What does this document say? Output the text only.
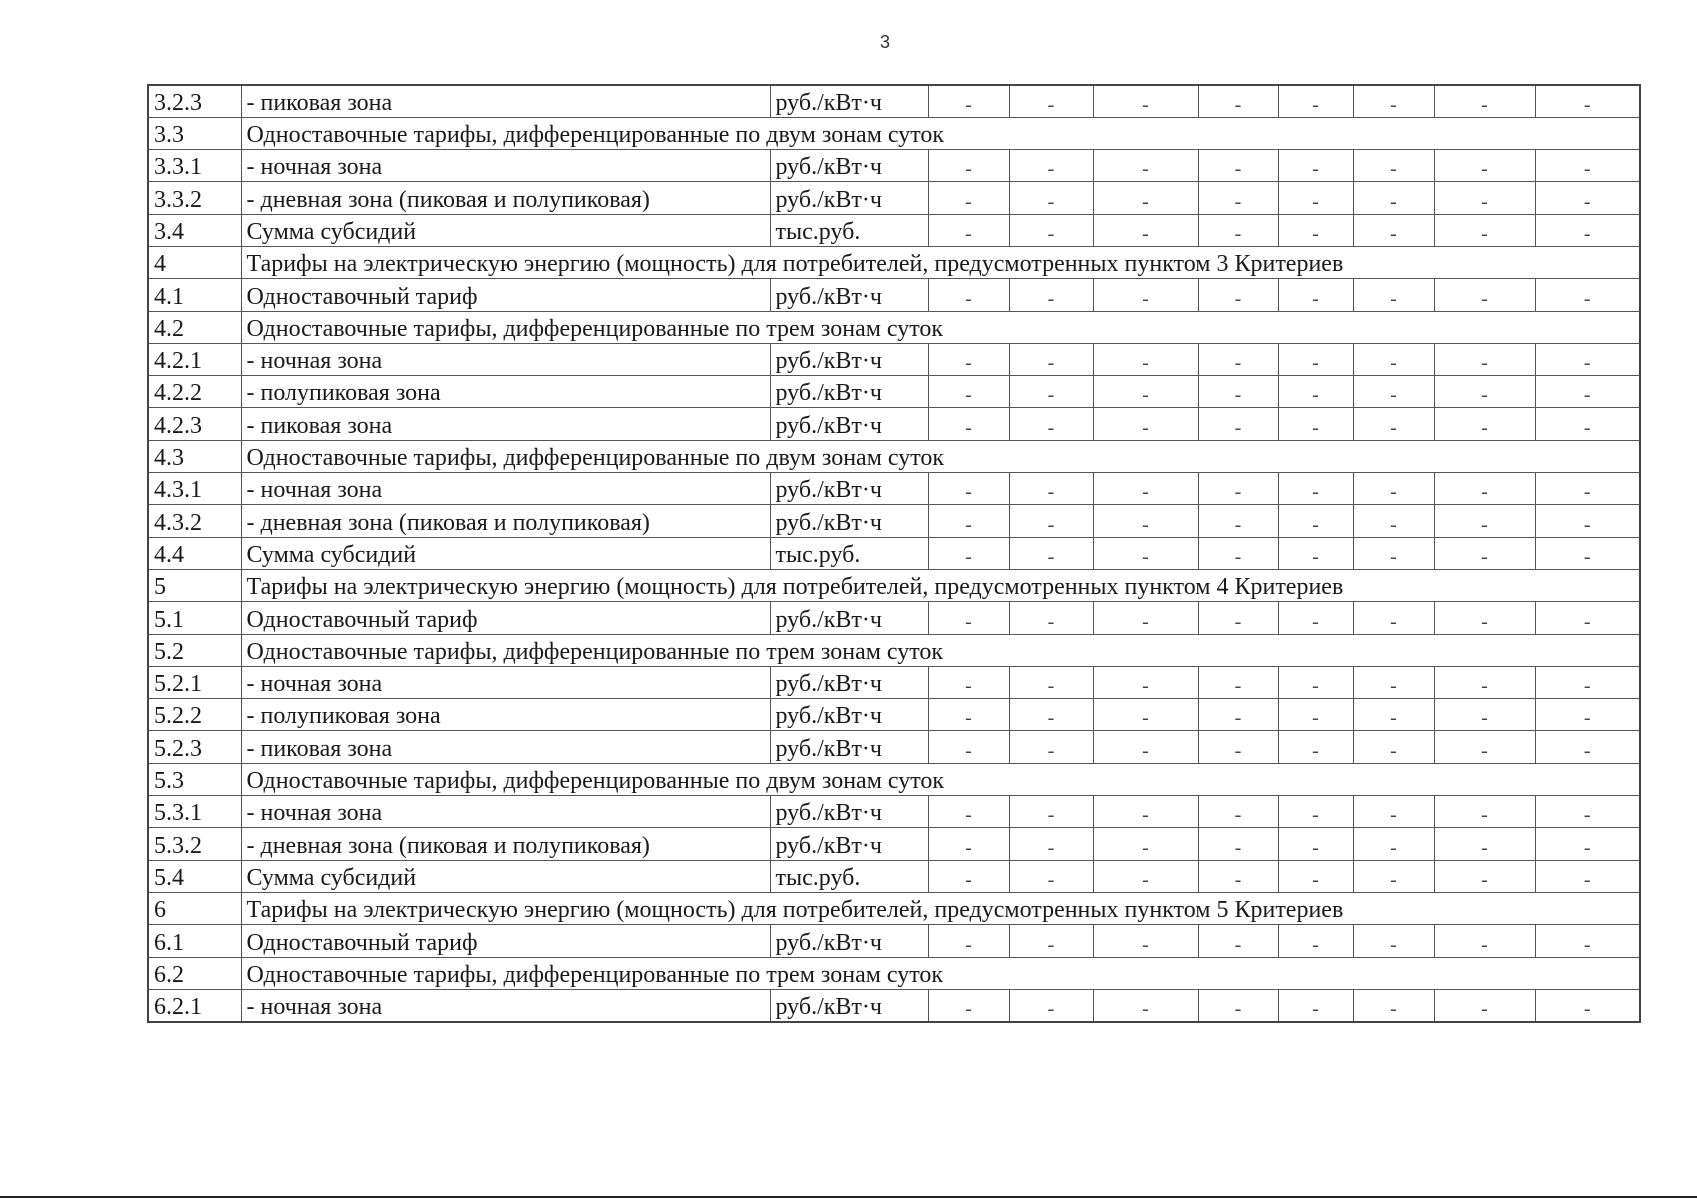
3
3.2.3	- пиковая зона	руб./кВт·ч	-	-	-	-	-	-	-	-
3.3	Одноставочные тарифы, дифференцированные по двум зонам суток									
3.3.1	- ночная зона	руб./кВт·ч	-	-	-	-	-	-	-	-
3.3.2	- дневная зона (пиковая и полупиковая)	руб./кВт·ч	-	-	-	-	-	-	-	-
3.4	Сумма субсидий	тыс.руб.	-	-	-	-	-	-	-	-
4	Тарифы на электрическую энергию (мощность) для потребителей, предусмотренных пунктом 3 Критериев									
4.1	Одноставочный тариф	руб./кВт·ч	-	-	-	-	-	-	-	-
4.2	Одноставочные тарифы, дифференцированные по трем зонам суток									
4.2.1	- ночная зона	руб./кВт·ч	-	-	-	-	-	-	-	-
4.2.2	- полупиковая зона	руб./кВт·ч	-	-	-	-	-	-	-	-
4.2.3	- пиковая зона	руб./кВт·ч	-	-	-	-	-	-	-	-
4.3	Одноставочные тарифы, дифференцированные по двум зонам суток									
4.3.1	- ночная зона	руб./кВт·ч	-	-	-	-	-	-	-	-
4.3.2	- дневная зона (пиковая и полупиковая)	руб./кВт·ч	-	-	-	-	-	-	-	-
4.4	Сумма субсидий	тыс.руб.	-	-	-	-	-	-	-	-
5	Тарифы на электрическую энергию (мощность) для потребителей, предусмотренных пунктом 4 Критериев									
5.1	Одноставочный тариф	руб./кВт·ч	-	-	-	-	-	-	-	-
5.2	Одноставочные тарифы, дифференцированные по трем зонам суток									
5.2.1	- ночная зона	руб./кВт·ч	-	-	-	-	-	-	-	-
5.2.2	- полупиковая зона	руб./кВт·ч	-	-	-	-	-	-	-	-
5.2.3	- пиковая зона	руб./кВт·ч	-	-	-	-	-	-	-	-
5.3	Одноставочные тарифы, дифференцированные по двум зонам суток									
5.3.1	- ночная зона	руб./кВт·ч	-	-	-	-	-	-	-	-
5.3.2	- дневная зона (пиковая и полупиковая)	руб./кВт·ч	-	-	-	-	-	-	-	-
5.4	Сумма субсидий	тыс.руб.	-	-	-	-	-	-	-	-
6	Тарифы на электрическую энергию (мощность) для потребителей, предусмотренных пунктом 5 Критериев									
6.1	Одноставочный тариф	руб./кВт·ч	-	-	-	-	-	-	-	-
6.2	Одноставочные тарифы, дифференцированные по трем зонам суток									
6.2.1	- ночная зона	руб./кВт·ч	-	-	-	-	-	-	-	-
